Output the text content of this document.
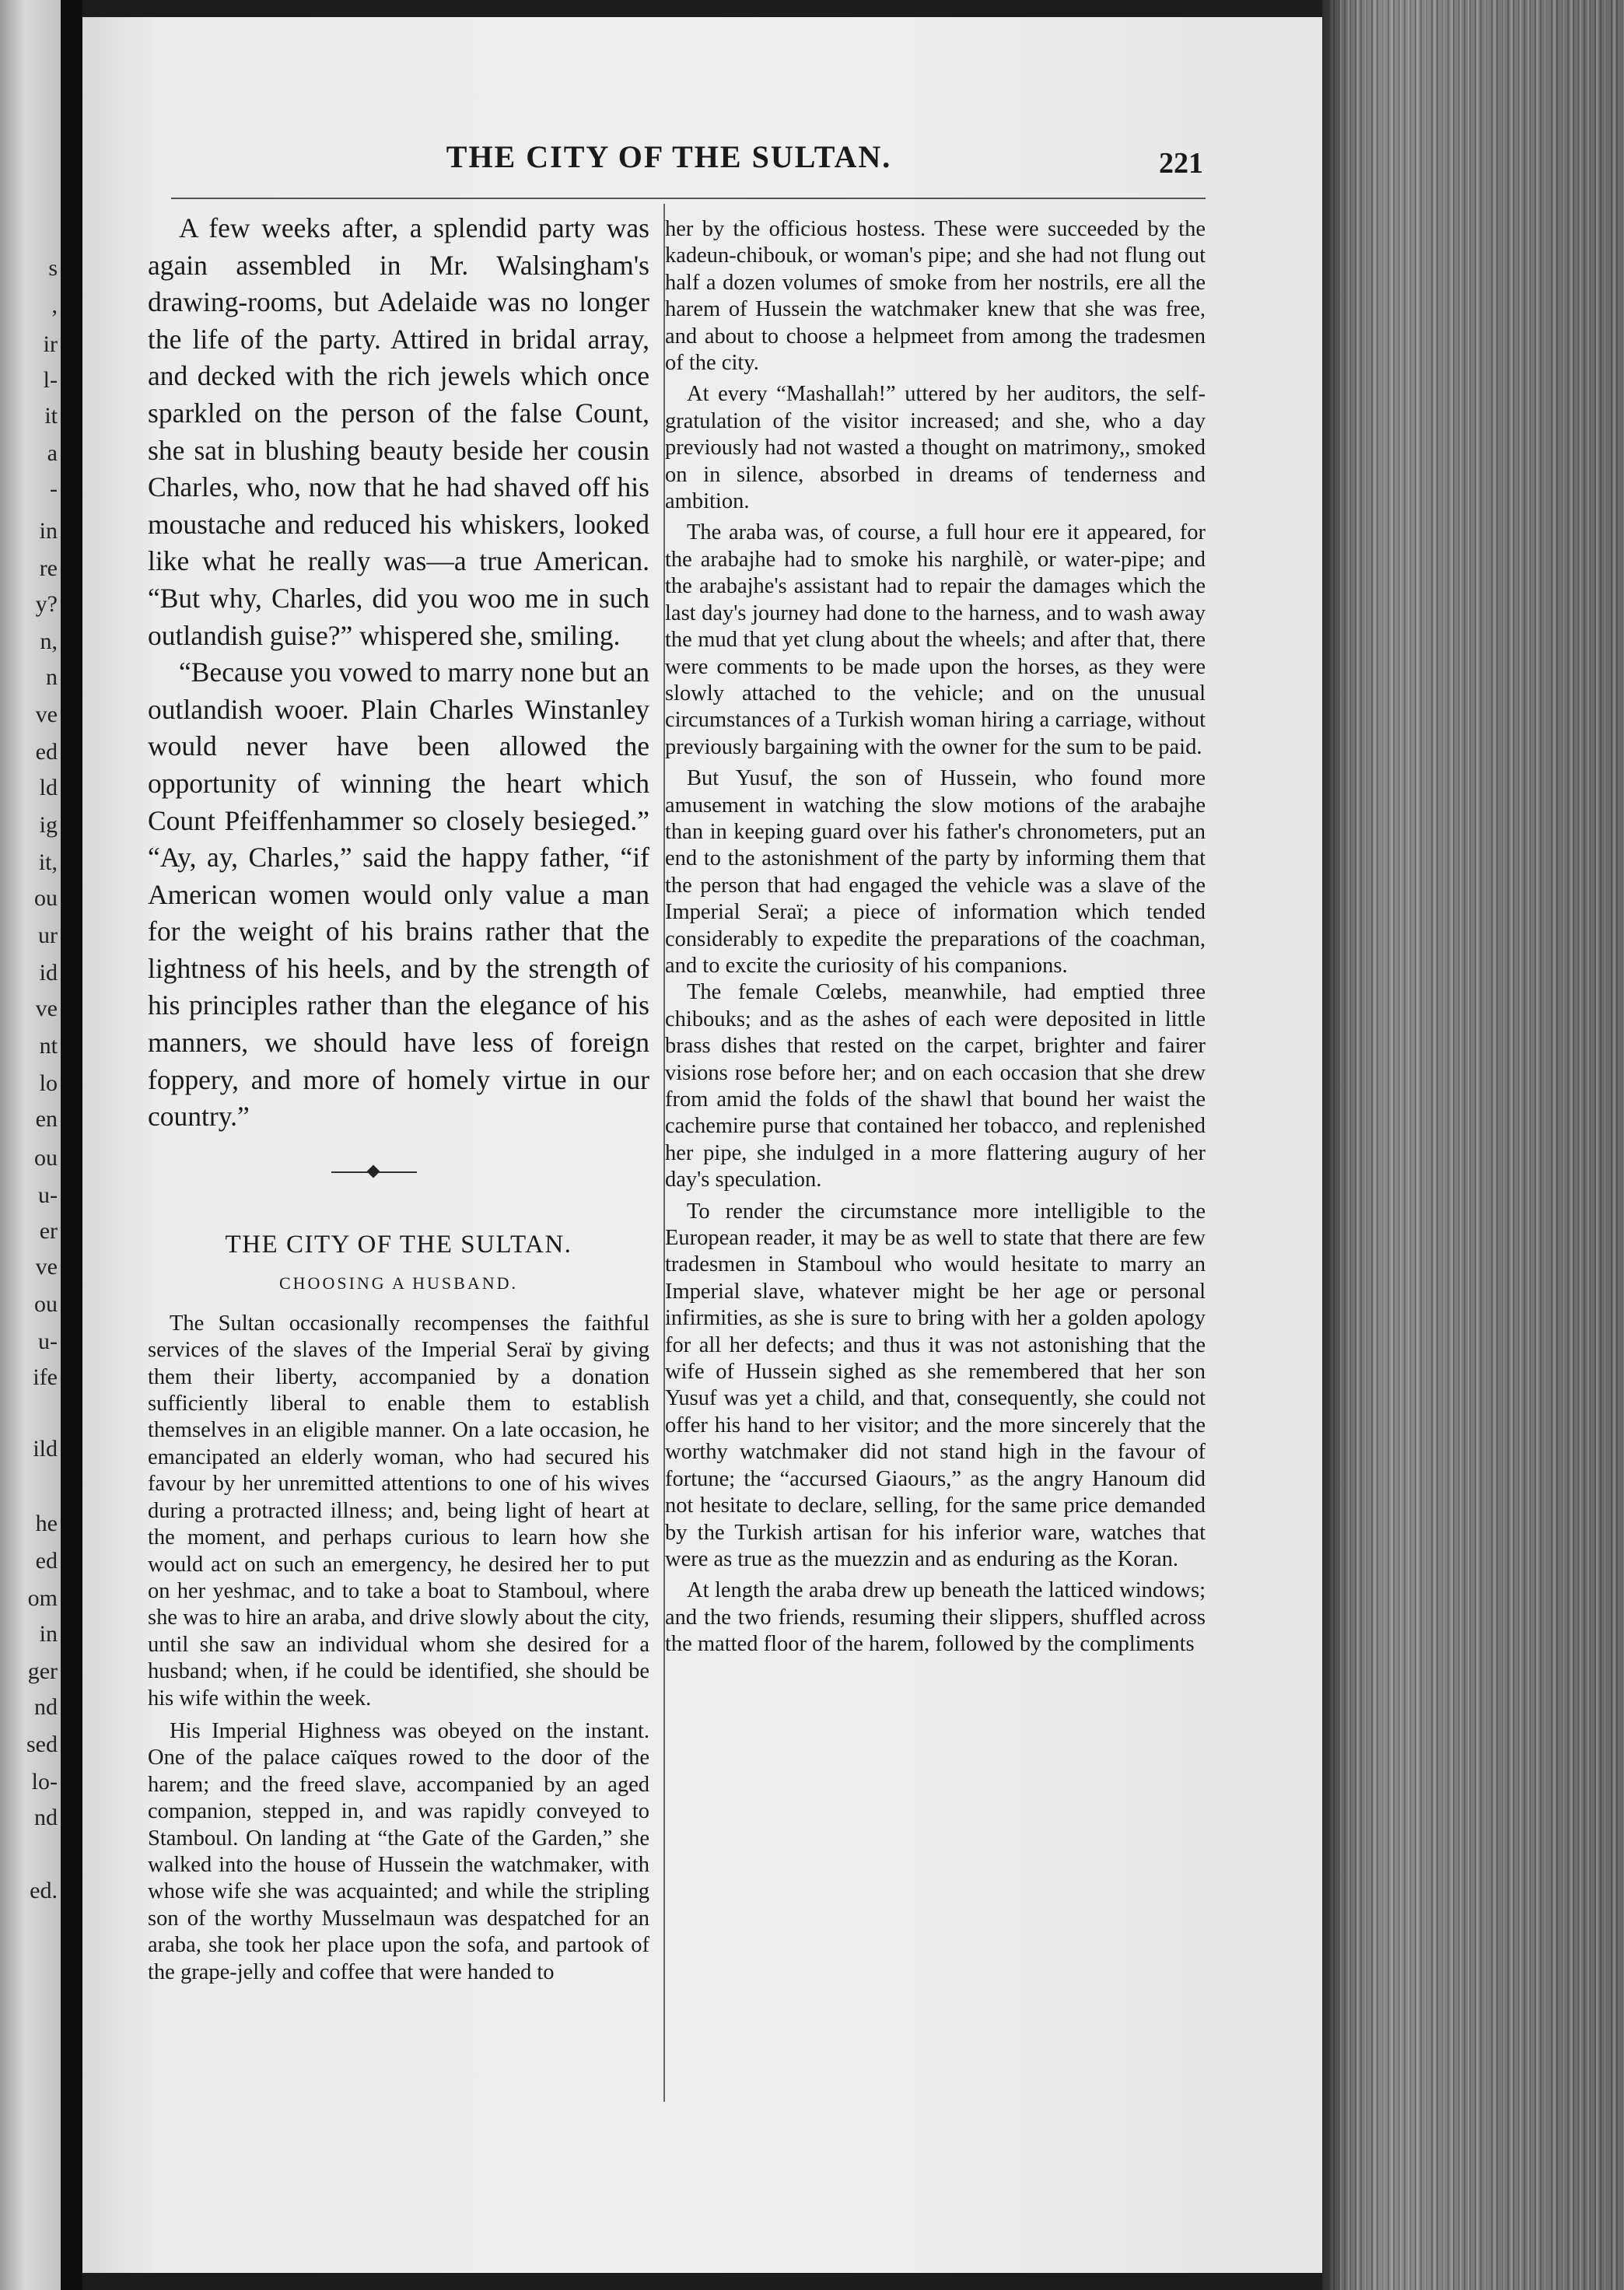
s
,
ir
l-
it
a
-
in
re
y?
n,
n
ve
ed
ld
ig
it,
ou
ur
id
ve
nt
lo
en
ou
u-
er
ve
ou
u-
ife
ild
he
ed
om
in
ger
nd
sed
lo-
nd
ed.
THE CITY OF THE SULTAN.	221

A few weeks after, a splendid party was again assembled in Mr. Walsingham's drawing-rooms, but Adelaide was no longer the life of the party. Attired in bridal array, and decked with the rich jewels which once sparkled on the person of the false Count, she sat in blushing beauty beside her cousin Charles, who, now that he had shaved off his moustache and reduced his whiskers, looked like what he really was—a true American. “But why, Charles, did you woo me in such outlandish guise?” whispered she, smiling.

“Because you vowed to marry none but an outlandish wooer. Plain Charles Winstanley would never have been allowed the opportunity of winning the heart which Count Pfeiffenhammer so closely besieged.” “Ay, ay, Charles,” said the happy father, “if American women would only value a man for the weight of his brains rather that the lightness of his heels, and by the strength of his principles rather than the elegance of his manners, we should have less of foreign foppery, and more of homely virtue in our country.”

THE CITY OF THE SULTAN.
CHOOSING A HUSBAND.

The Sultan occasionally recompenses the faithful services of the slaves of the Imperial Seraï by giving them their liberty, accompanied by a donation sufficiently liberal to enable them to establish themselves in an eligible manner. On a late occasion, he emancipated an elderly woman, who had secured his favour by her unremitted attentions to one of his wives during a protracted illness; and, being light of heart at the moment, and perhaps curious to learn how she would act on such an emergency, he desired her to put on her yeshmac, and to take a boat to Stamboul, where she was to hire an araba, and drive slowly about the city, until she saw an individual whom she desired for a husband; when, if he could be identified, she should be his wife within the week.

His Imperial Highness was obeyed on the instant. One of the palace caïques rowed to the door of the harem; and the freed slave, accompanied by an aged companion, stepped in, and was rapidly conveyed to Stamboul. On landing at “the Gate of the Garden,” she walked into the house of Hussein the watchmaker, with whose wife she was acquainted; and while the stripling son of the worthy Musselmaun was despatched for an araba, she took her place upon the sofa, and partook of the grape-jelly and coffee that were handed to

her by the officious hostess. These were succeeded by the kadeun-chibouk, or woman's pipe; and she had not flung out half a dozen volumes of smoke from her nostrils, ere all the harem of Hussein the watchmaker knew that she was free, and about to choose a helpmeet from among the tradesmen of the city.

At every “Mashallah!” uttered by her auditors, the self-gratulation of the visitor increased; and she, who a day previously had not wasted a thought on matrimony,, smoked on in silence, absorbed in dreams of tenderness and ambition.

The araba was, of course, a full hour ere it appeared, for the arabajhe had to smoke his narghilè, or water-pipe; and the arabajhe's assistant had to repair the damages which the last day's journey had done to the harness, and to wash away the mud that yet clung about the wheels; and after that, there were comments to be made upon the horses, as they were slowly attached to the vehicle; and on the unusual circumstances of a Turkish woman hiring a carriage, without previously bargaining with the owner for the sum to be paid.

But Yusuf, the son of Hussein, who found more amusement in watching the slow motions of the arabajhe than in keeping guard over his father's chronometers, put an end to the astonishment of the party by informing them that the person that had engaged the vehicle was a slave of the Imperial Seraï; a piece of information which tended considerably to expedite the preparations of the coachman, and to excite the curiosity of his companions.

The female Cœlebs, meanwhile, had emptied three chibouks; and as the ashes of each were deposited in little brass dishes that rested on the carpet, brighter and fairer visions rose before her; and on each occasion that she drew from amid the folds of the shawl that bound her waist the cachemire purse that contained her tobacco, and replenished her pipe, she indulged in a more flattering augury of her day's speculation.

To render the circumstance more intelligible to the European reader, it may be as well to state that there are few tradesmen in Stamboul who would hesitate to marry an Imperial slave, whatever might be her age or personal infirmities, as she is sure to bring with her a golden apology for all her defects; and thus it was not astonishing that the wife of Hussein sighed as she remembered that her son Yusuf was yet a child, and that, consequently, she could not offer his hand to her visitor; and the more sincerely that the worthy watchmaker did not stand high in the favour of fortune; the “accursed Giaours,” as the angry Hanoum did not hesitate to declare, selling, for the same price demanded by the Turkish artisan for his inferior ware, watches that were as true as the muezzin and as enduring as the Koran.

At length the araba drew up beneath the latticed windows; and the two friends, resuming their slippers, shuffled across the matted floor of the harem, followed by the compliments
